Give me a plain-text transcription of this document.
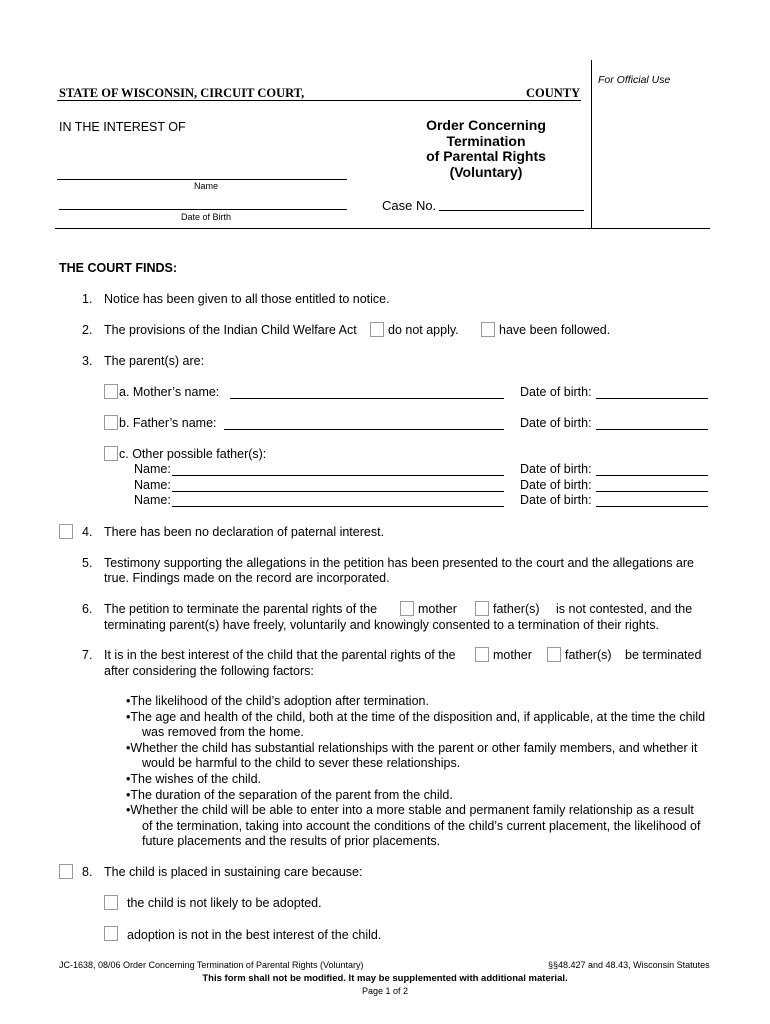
For Official Use
STATE OF WISCONSIN, CIRCUIT COURT,	COUNTY
IN THE INTEREST OF
Name
Date of Birth
Order Concerning
Termination
of Parental Rights
(Voluntary)
Case No.
THE COURT FINDS:
1. Notice has been given to all those entitled to notice.
2. The provisions of the Indian Child Welfare Act	do not apply.	have been followed.
3. The parent(s) are:
a. Mother’s name:	Date of birth:
b. Father’s name:	Date of birth:
c. Other possible father(s):
Name:	Date of birth:
Name:	Date of birth:
Name:	Date of birth:
4. There has been no declaration of paternal interest.
5. Testimony supporting the allegations in the petition has been presented to the court and the allegations are
true. Findings made on the record are incorporated.
6. The petition to terminate the parental rights of the	mother	father(s) is not contested, and the
terminating parent(s) have freely, voluntarily and knowingly consented to a termination of their rights.
7. It is in the best interest of the child that the parental rights of the	mother	father(s) be terminated
after considering the following factors:
•The likelihood of the child’s adoption after termination.
•The age and health of the child, both at the time of the disposition and, if applicable, at the time the child
was removed from the home.
•Whether the child has substantial relationships with the parent or other family members, and whether it
would be harmful to the child to sever these relationships.
•The wishes of the child.
•The duration of the separation of the parent from the child.
•Whether the child will be able to enter into a more stable and permanent family relationship as a result
of the termination, taking into account the conditions of the child’s current placement, the likelihood of
future placements and the results of prior placements.
8. The child is placed in sustaining care because:
the child is not likely to be adopted.
adoption is not in the best interest of the child.
JC-1638, 08/06 Order Concerning Termination of Parental Rights (Voluntary)	§§48.427 and 48.43, Wisconsin Statutes
This form shall not be modified. It may be supplemented with additional material.
Page 1 of 2
